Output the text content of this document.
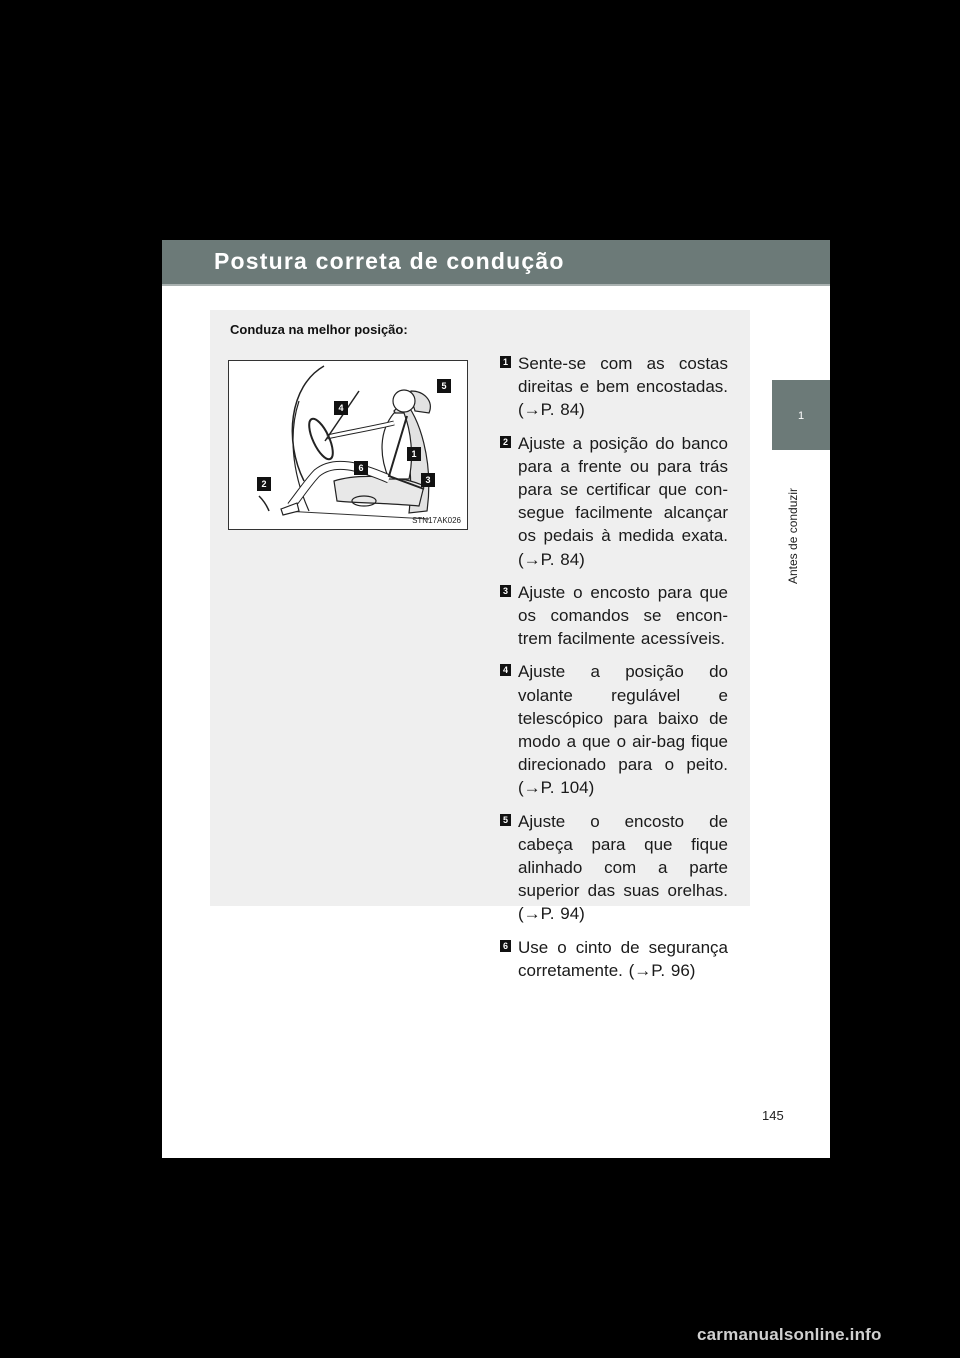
Postura correta de condução
1
Antes de conduzir
Conduza na melhor posição:
5
4
1
6
3
2
STN17AK026
1 Sente-se com as costas direitas e bem encostadas. (→P. 84)
2 Ajuste a posição do banco para a frente ou para trás para se certificar que con-segue facilmente alcançar os pedais à medida exata. (→P. 84)
3 Ajuste o encosto para que os comandos se encon-trem facilmente acessíveis.
4 Ajuste a posição do volante regulável e telescópico para baixo de modo a que o air-bag fique direcionado para o peito. (→P. 104)
5 Ajuste o encosto de cabeça para que fique alinhado com a parte superior das suas orelhas. (→P. 94)
6 Use o cinto de segurança corretamente. (→P. 96)
145
carmanualsonline.info
